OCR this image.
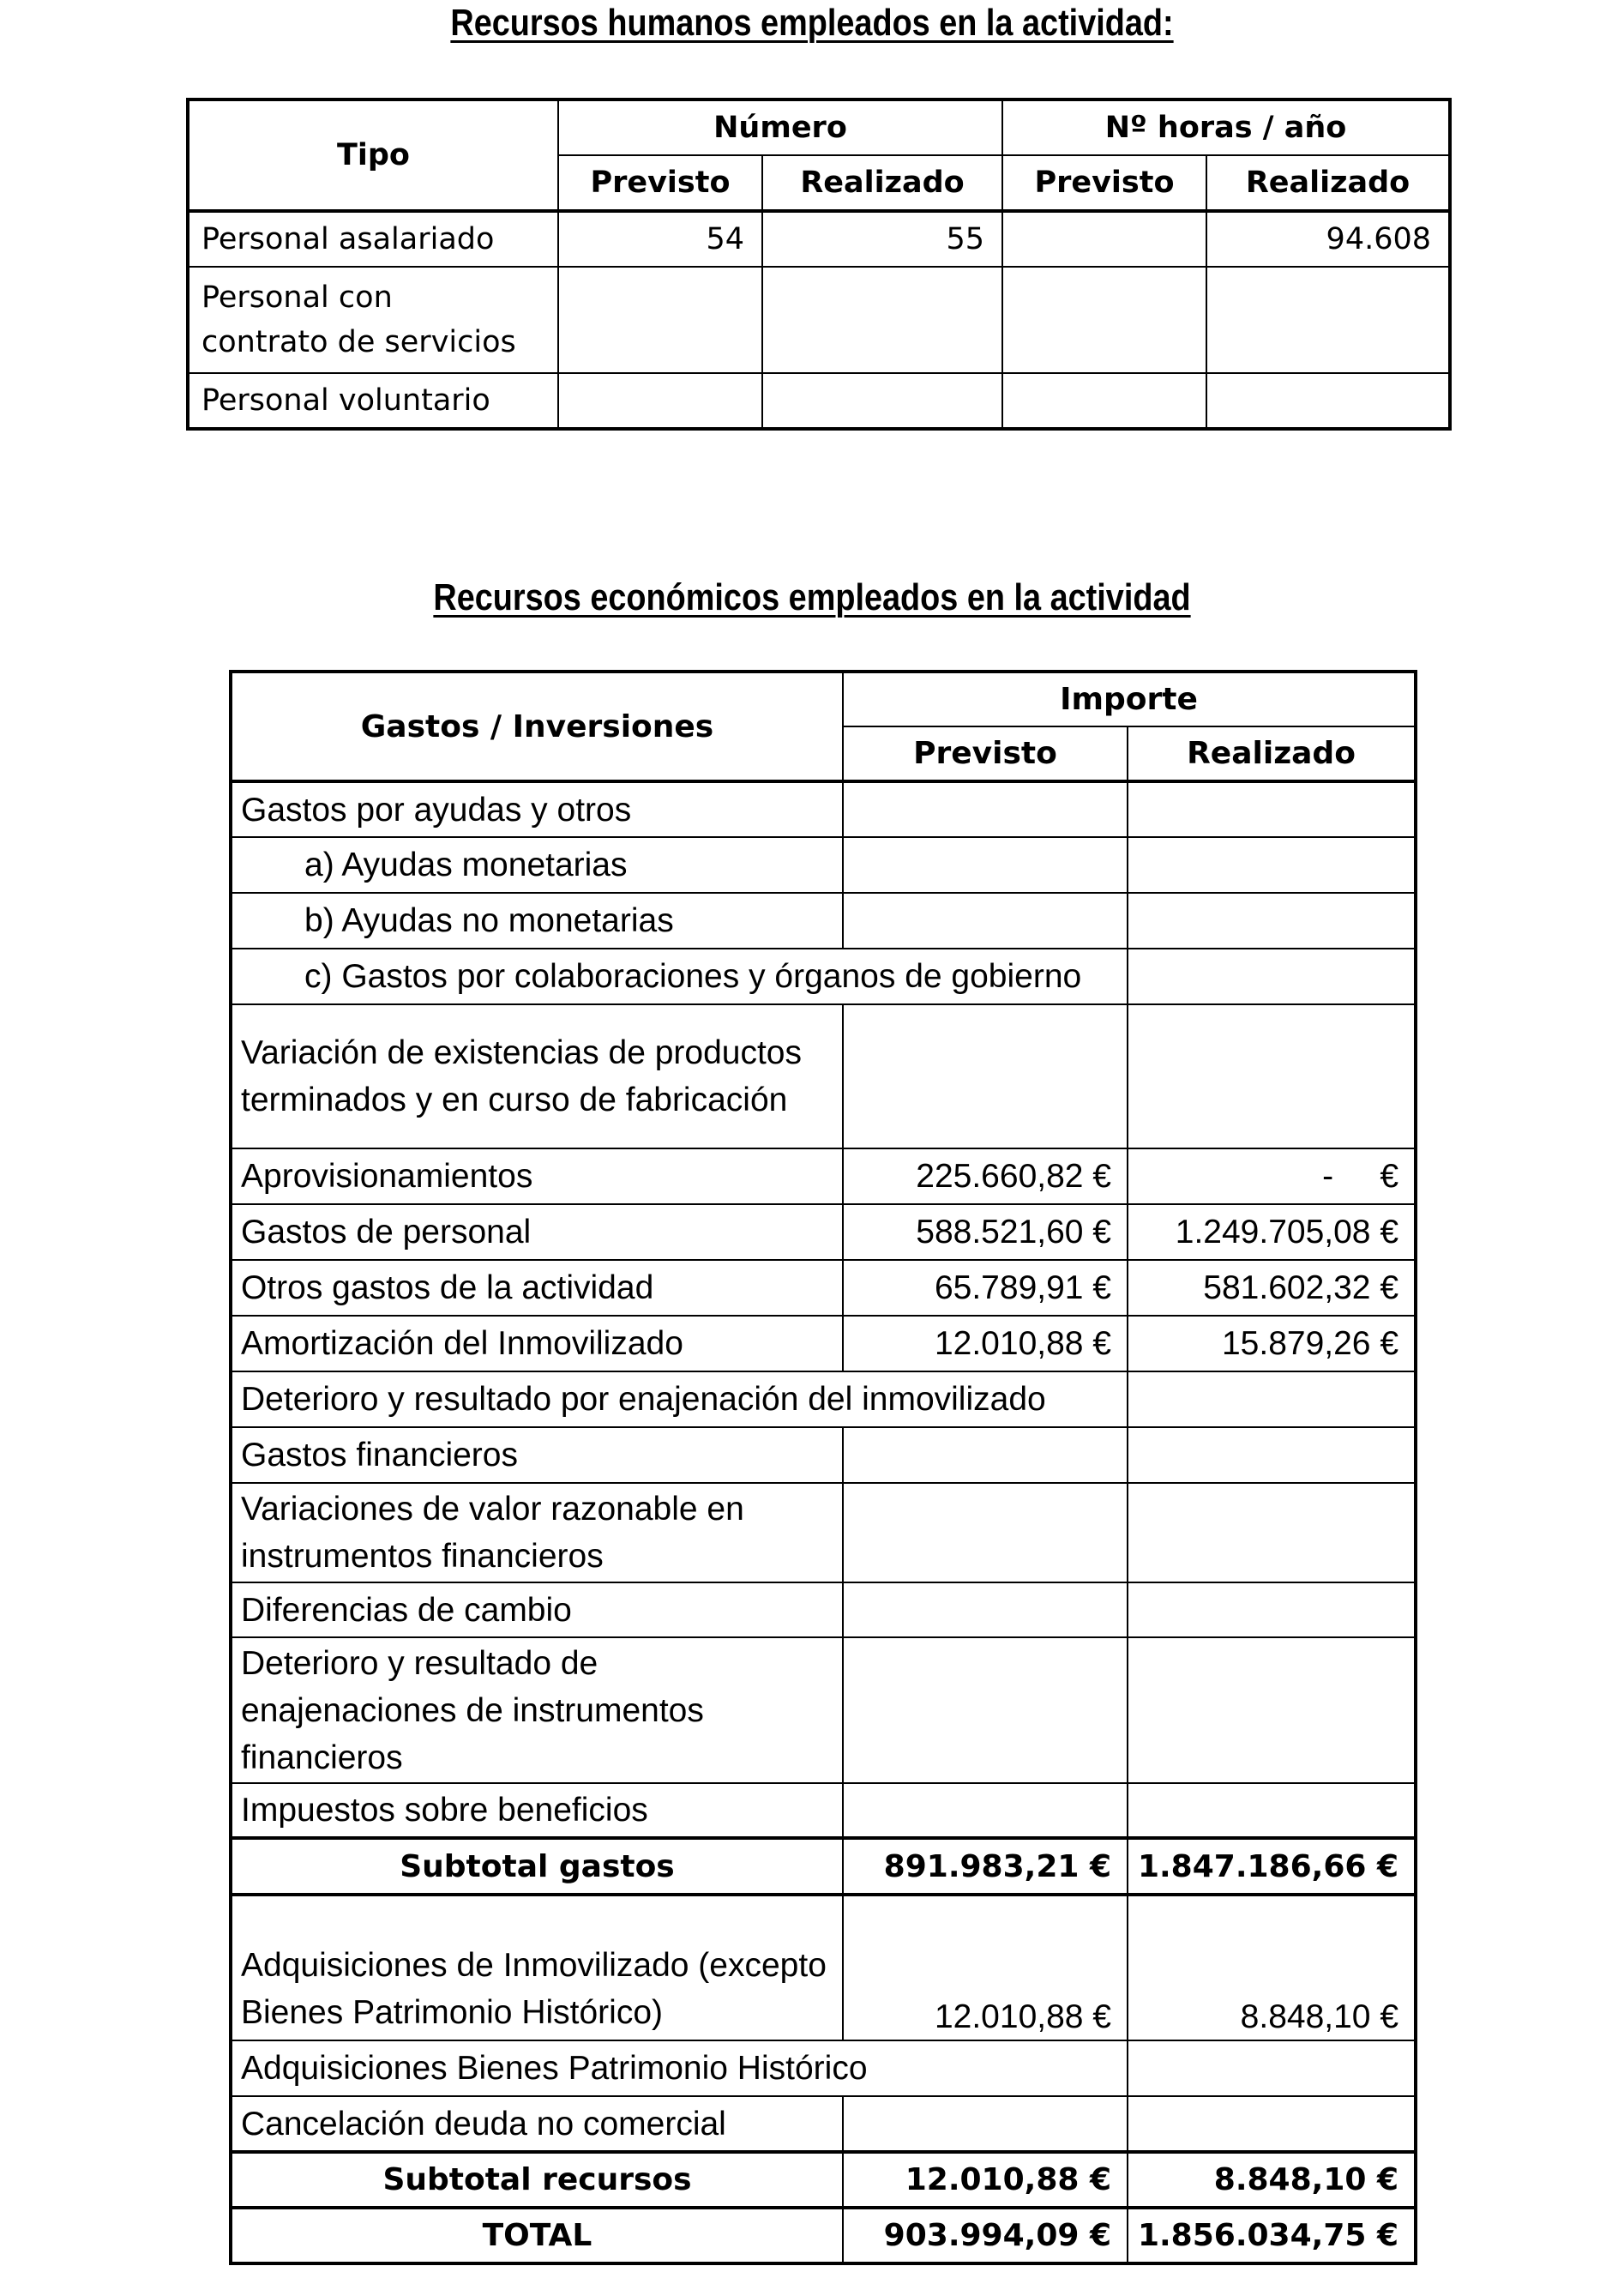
Recursos humanos empleados en la actividad:
Tipo	Número		Nº horas / año	
	Previsto	Realizado	Previsto	Realizado
Personal asalariado	54	55		94.608
Personal con contrato de servicios				
Personal voluntario				
Recursos económicos empleados en la actividad
Gastos / Inversiones	Importe	
	Previsto	Realizado
Gastos por ayudas y otros		
a) Ayudas monetarias		
b) Ayudas no monetarias		
c) Gastos por colaboraciones y órganos de gobierno		
Variación de existencias de productos terminados y en curso de fabricación		
Aprovisionamientos	225.660,82 €	-     €
Gastos de personal	588.521,60 €	1.249.705,08 €
Otros gastos de la actividad	65.789,91 €	581.602,32 €
Amortización del Inmovilizado	12.010,88 €	15.879,26 €
Deterioro y resultado por enajenación del inmovilizado		
Gastos financieros		
Variaciones de valor razonable en instrumentos financieros		
Diferencias de cambio		
Deterioro y resultado de enajenaciones de instrumentos financieros		
Impuestos sobre beneficios		
Subtotal gastos	891.983,21 €	1.847.186,66 €
Adquisiciones de Inmovilizado (excepto Bienes Patrimonio Histórico)	12.010,88 €	8.848,10 €
Adquisiciones Bienes Patrimonio Histórico		
Cancelación deuda no comercial		
Subtotal recursos	12.010,88 €	8.848,10 €
TOTAL	903.994,09 €	1.856.034,75 €
